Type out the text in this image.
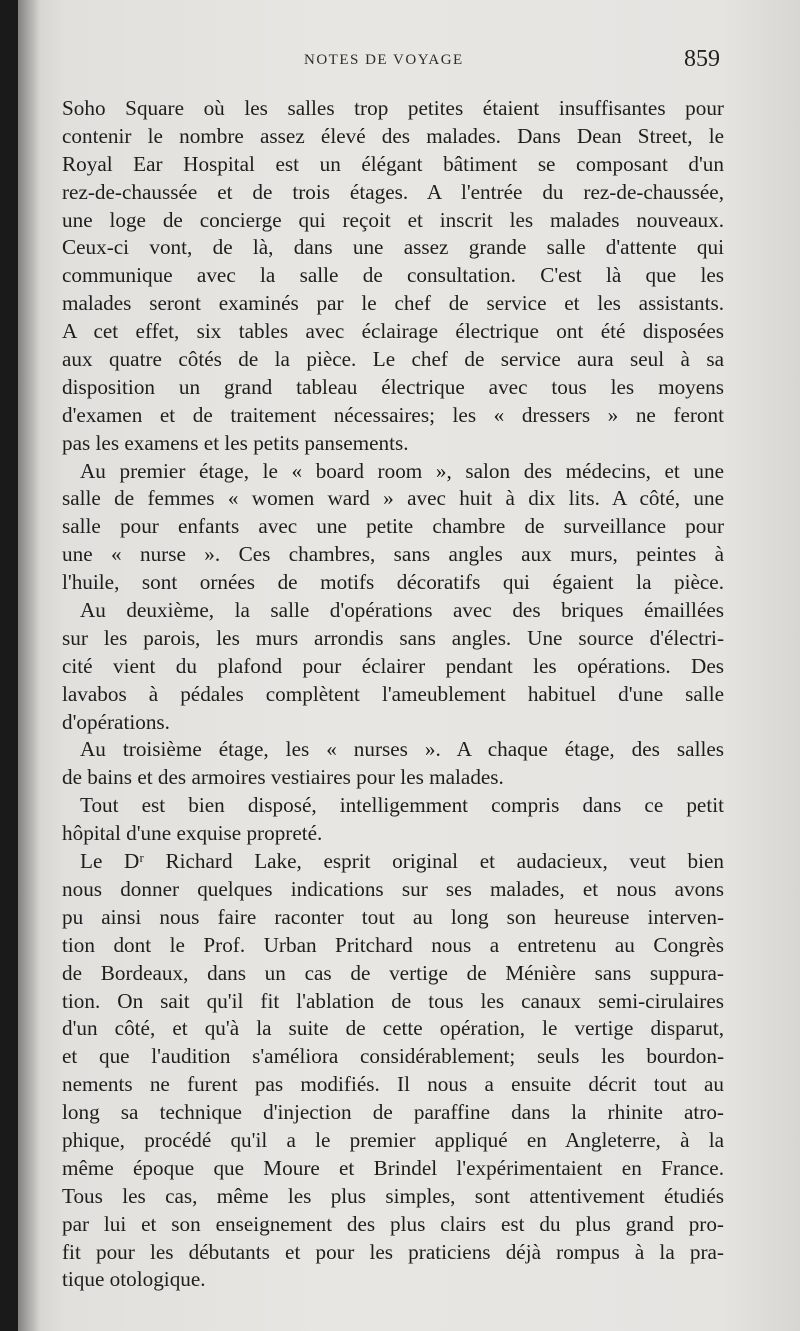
NOTES DE VOYAGE	859
Soho Square où les salles trop petites étaient insuffisantes pour
contenir le nombre assez élevé des malades. Dans Dean Street, le
Royal Ear Hospital est un élégant bâtiment se composant d'un
rez-de-chaussée et de trois étages. A l'entrée du rez-de-chaussée,
une loge de concierge qui reçoit et inscrit les malades nouveaux.
Ceux-ci vont, de là, dans une assez grande salle d'attente qui
communique avec la salle de consultation. C'est là que les
malades seront examinés par le chef de service et les assistants.
A cet effet, six tables avec éclairage électrique ont été disposées
aux quatre côtés de la pièce. Le chef de service aura seul à sa
disposition un grand tableau électrique avec tous les moyens
d'examen et de traitement nécessaires; les « dressers » ne feront
pas les examens et les petits pansements.
Au premier étage, le « board room », salon des médecins, et une
salle de femmes « women ward » avec huit à dix lits. A côté, une
salle pour enfants avec une petite chambre de surveillance pour
une « nurse ». Ces chambres, sans angles aux murs, peintes à
l'huile, sont ornées de motifs décoratifs qui égaient la pièce.
Au deuxième, la salle d'opérations avec des briques émaillées
sur les parois, les murs arrondis sans angles. Une source d'électri-
cité vient du plafond pour éclairer pendant les opérations. Des
lavabos à pédales complètent l'ameublement habituel d'une salle
d'opérations.
Au troisième étage, les « nurses ». A chaque étage, des salles
de bains et des armoires vestiaires pour les malades.
Tout est bien disposé, intelligemment compris dans ce petit
hôpital d'une exquise propreté.
Le Dʳ Richard Lake, esprit original et audacieux, veut bien
nous donner quelques indications sur ses malades, et nous avons
pu ainsi nous faire raconter tout au long son heureuse interven-
tion dont le Prof. Urban Pritchard nous a entretenu au Congrès
de Bordeaux, dans un cas de vertige de Ménière sans suppura-
tion. On sait qu'il fit l'ablation de tous les canaux semi-cirulaires
d'un côté, et qu'à la suite de cette opération, le vertige disparut,
et que l'audition s'améliora considérablement; seuls les bourdon-
nements ne furent pas modifiés. Il nous a ensuite décrit tout au
long sa technique d'injection de paraffine dans la rhinite atro-
phique, procédé qu'il a le premier appliqué en Angleterre, à la
même époque que Moure et Brindel l'expérimentaient en France.
Tous les cas, même les plus simples, sont attentivement étudiés
par lui et son enseignement des plus clairs est du plus grand pro-
fit pour les débutants et pour les praticiens déjà rompus à la pra-
tique otologique.
